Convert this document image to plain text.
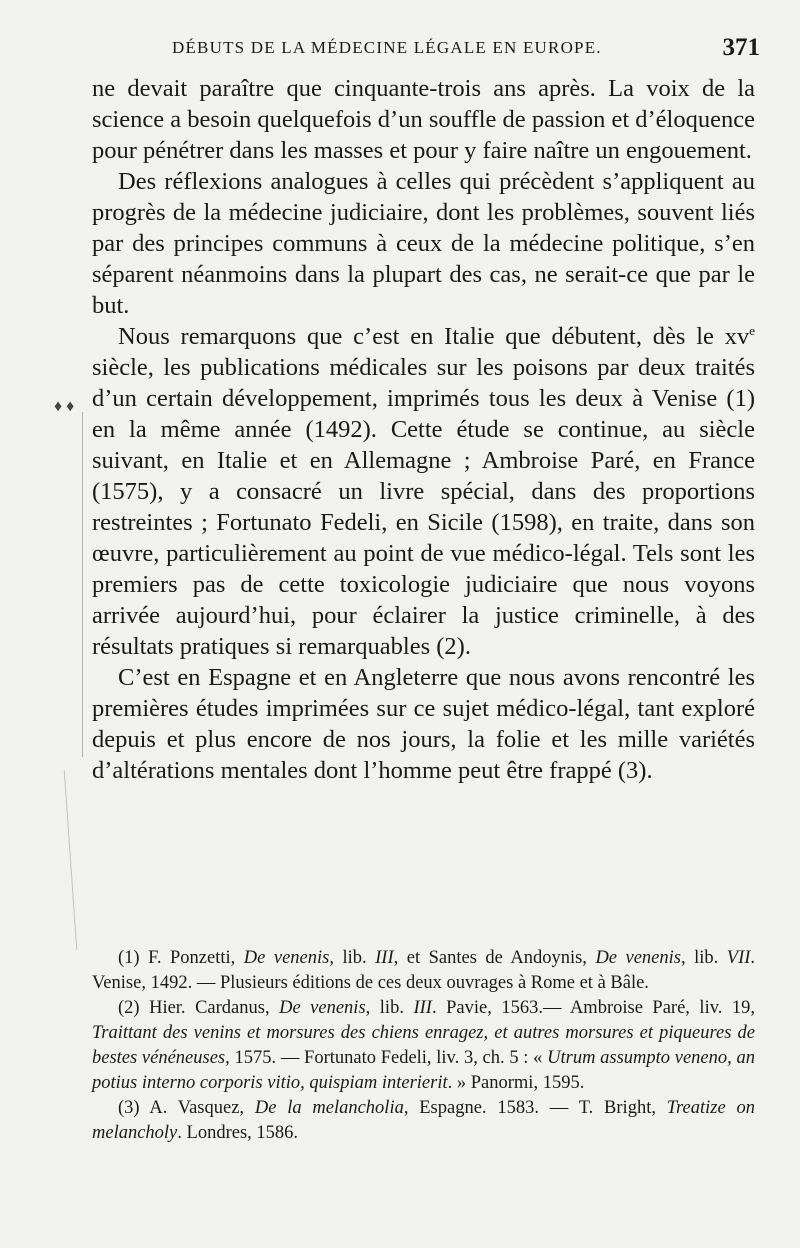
DÉBUTS DE LA MÉDECINE LÉGALE EN EUROPE.	371
♦ ♦

ne devait paraître que cinquante-trois ans après. La voix de la science a besoin quelquefois d’un souffle de passion et d’éloquence pour pénétrer dans les masses et pour y faire naître un engouement.

Des réflexions analogues à celles qui précèdent s’appliquent au progrès de la médecine judiciaire, dont les problèmes, souvent liés par des principes communs à ceux de la médecine politique, s’en séparent néanmoins dans la plupart des cas, ne serait-ce que par le but.

Nous remarquons que c’est en Italie que débutent, dès le $xv^e$ siècle, les publications médicales sur les poisons par deux traités d’un certain développement, imprimés tous les deux à Venise (1) en la même année (1492). Cette étude se continue, au siècle suivant, en Italie et en Allemagne ; Ambroise Paré, en France (1575), y a consacré un livre spécial, dans des proportions restreintes ; Fortunato Fedeli, en Sicile (1598), en traite, dans son œuvre, particulièrement au point de vue médico-légal. Tels sont les premiers pas de cette toxicologie judiciaire que nous voyons arrivée aujourd’hui, pour éclairer la justice criminelle, à des résultats pratiques si remarquables (2).

C’est en Espagne et en Angleterre que nous avons rencontré les premières études imprimées sur ce sujet médico-légal, tant exploré depuis et plus encore de nos jours, la folie et les mille variétés d’altérations mentales dont l’homme peut être frappé (3).

(1) F. Ponzetti, De venenis, lib. III, et Santes de Andoynis, De venenis, lib. VII. Venise, 1492. — Plusieurs éditions de ces deux ouvrages à Rome et à Bâle.

(2) Hier. Cardanus, De venenis, lib. III. Pavie, 1563.— Ambroise Paré, liv. 19, Traittant des venins et morsures des chiens enragez, et autres morsures et piqueures de bestes vénéneuses, 1575. — Fortunato Fedeli, liv. 3, ch. 5 : « Utrum assumpto veneno, an potius interno corporis vitio, quispiam interierit. » Panormi, 1595.

(3) A. Vasquez, De la melancholia, Espagne. 1583. — T. Bright, Treatize on melancholy. Londres, 1586.
